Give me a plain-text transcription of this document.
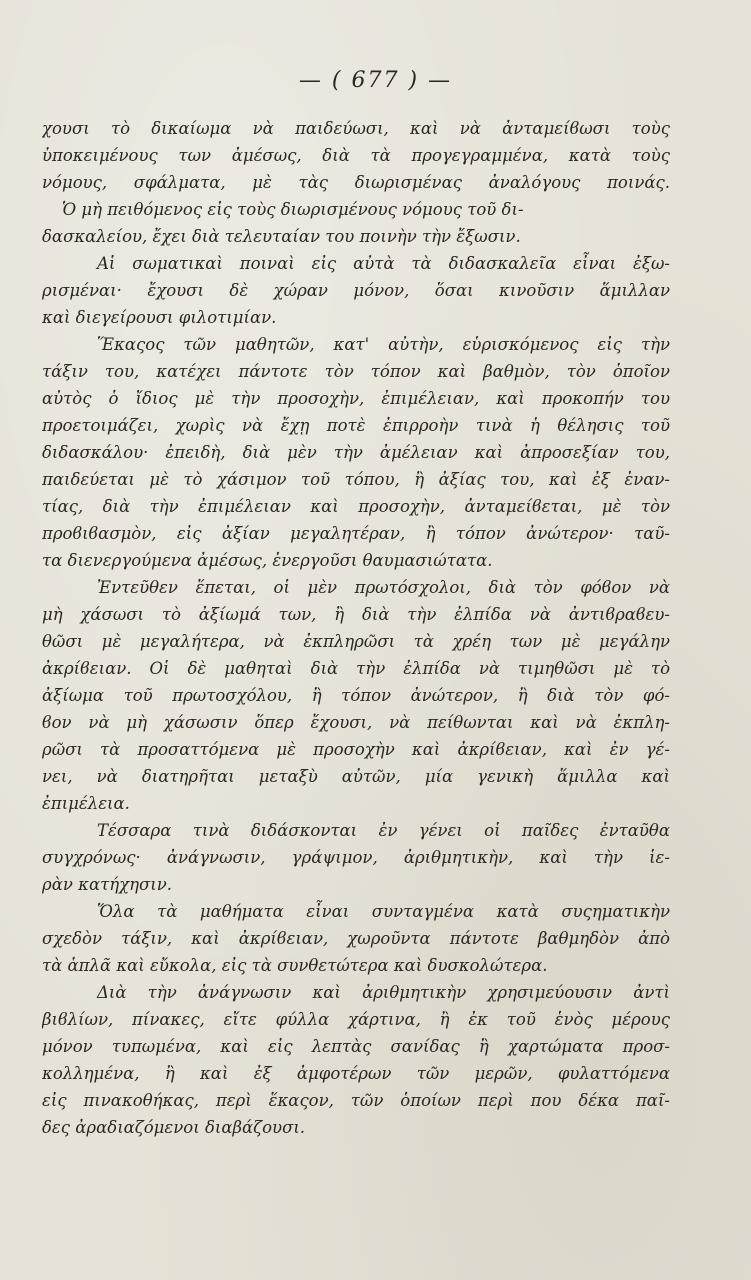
— ( 677 ) —
χουσι τὸ δικαίωμα νὰ παιδεύωσι, καὶ νὰ ἀνταμείϐωσι τοὺς
ὑποκειμένους των ἀμέσως, διὰ τὰ προγεγραμμένα, κατὰ τοὺς
νόμους, σφάλματα, μὲ τὰς διωρισμένας ἀναλόγους ποινάς.
Ὁ μὴ πειθόμενος εἰς τοὺς διωρισμένους νόμους τοῦ δι-
δασκαλείου, ἔχει διὰ τελευταίαν του ποινὴν τὴν ἔξωσιν.
Αἱ σωματικαὶ ποιναὶ εἰς αὐτὰ τὰ διδασκαλεῖα εἶναι ἐξω-
ρισμέναι· ἔχουσι δὲ χώραν μόνον, ὅσαι κινοῦσιν ἅμιλλαν
καὶ διεγείρουσι φιλοτιμίαν.
Ἕκαςος τῶν μαθητῶν, κατ' αὐτὴν, εὑρισκόμενος εἰς τὴν
τάξιν του, κατέχει πάντοτε τὸν τόπον καὶ βαθμὸν, τὸν ὁποῖον
αὐτὸς ὁ ἴδιος μὲ τὴν προσοχὴν, ἐπιμέλειαν, καὶ προκοπήν του
προετοιμάζει, χωρὶς νὰ ἔχῃ ποτὲ ἐπιρροὴν τινὰ ἡ θέλησις τοῦ
διδασκάλου· ἐπειδὴ, διὰ μὲν τὴν ἀμέλειαν καὶ ἀπροσεξίαν του,
παιδεύεται μὲ τὸ χάσιμον τοῦ τόπου, ἢ ἀξίας του, καὶ ἐξ ἐναν-
τίας, διὰ τὴν ἐπιμέλειαν καὶ προσοχὴν, ἀνταμείϐεται, μὲ τὸν
προϐιϐασμὸν, εἰς ἀξίαν μεγαλητέραν, ἢ τόπον ἀνώτερον· ταῦ-
τα διενεργούμενα ἀμέσως, ἐνεργοῦσι θαυμασιώτατα.
Ἐντεῦθεν ἕπεται, οἱ μὲν πρωτόσχολοι, διὰ τὸν φόϐον νὰ
μὴ χάσωσι τὸ ἀξίωμά των, ἢ διὰ τὴν ἐλπίδα νὰ ἀντιϐραϐευ-
θῶσι μὲ μεγαλήτερα, νὰ ἐκπληρῶσι τὰ χρέη των μὲ μεγάλην
ἀκρίϐειαν. Οἱ δὲ μαθηταὶ διὰ τὴν ἐλπίδα νὰ τιμηθῶσι μὲ τὸ
ἀξίωμα τοῦ πρωτοσχόλου, ἢ τόπον ἀνώτερον, ἢ διὰ τὸν φό-
ϐον νὰ μὴ χάσωσιν ὅπερ ἔχουσι, νὰ πείθωνται καὶ νὰ ἐκπλη-
ρῶσι τὰ προσαττόμενα μὲ προσοχὴν καὶ ἀκρίϐειαν, καὶ ἐν γέ-
νει, νὰ διατηρῆται μεταξὺ αὐτῶν, μία γενικὴ ἅμιλλα καὶ
ἐπιμέλεια.
Τέσσαρα τινὰ διδάσκονται ἐν γένει οἱ παῖδες ἐνταῦθα
συγχρόνως· ἀνάγνωσιν, γράψιμον, ἀριθμητικὴν, καὶ τὴν ἱε-
ρὰν κατήχησιν.
Ὅλα τὰ μαθήματα εἶναι συνταγμένα κατὰ συςηματικὴν
σχεδὸν τάξιν, καὶ ἀκρίϐειαν, χωροῦντα πάντοτε βαθμηδὸν ἀπὸ
τὰ ἁπλᾶ καὶ εὔκολα, εἰς τὰ συνθετώτερα καὶ δυσκολώτερα.
Διὰ τὴν ἀνάγνωσιν καὶ ἀριθμητικὴν χρησιμεύουσιν ἀντὶ
βιϐλίων, πίνακες, εἴτε φύλλα χάρτινα, ἢ ἐκ τοῦ ἑνὸς μέρους
μόνον τυπωμένα, καὶ εἰς λεπτὰς σανίδας ἢ χαρτώματα προσ-
κολλημένα, ἢ καὶ ἐξ ἀμφοτέρων τῶν μερῶν, φυλαττόμενα
εἰς πινακοθήκας, περὶ ἕκαςον, τῶν ὁποίων περὶ που δέκα παῖ-
δες ἀραδιαζόμενοι διαβάζουσι.
